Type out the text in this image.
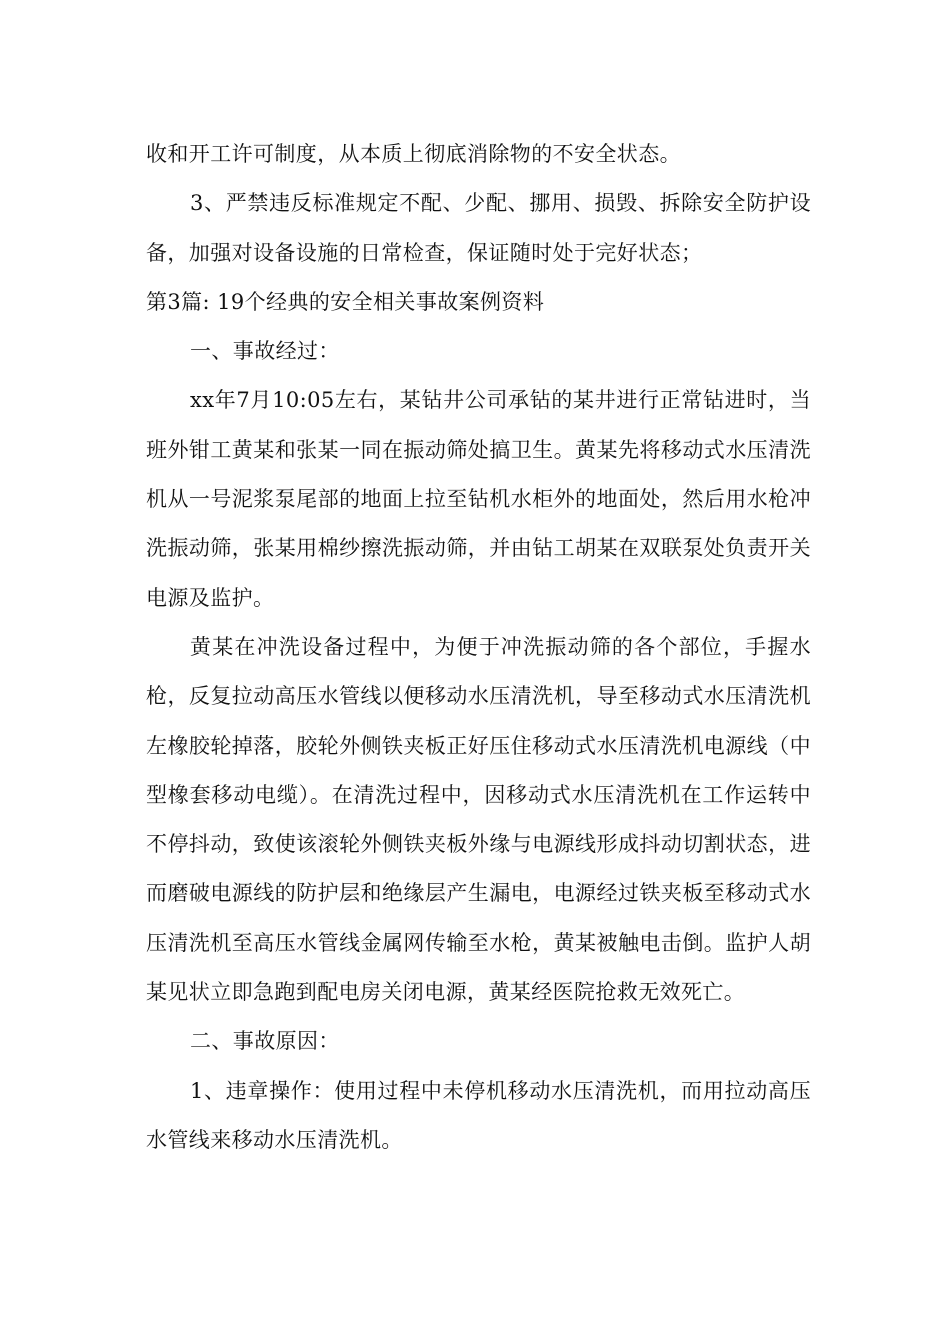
收和开工许可制度，从本质上彻底消除物的不安全状态。

3、严禁违反标准规定不配、少配、挪用、损毁、拆除安全防护设备，加强对设备设施的日常检查，保证随时处于完好状态；

第3篇: 19个经典的安全相关事故案例资料

一、事故经过：

xx年7月10:05左右，某钻井公司承钻的某井进行正常钻进时，当班外钳工黄某和张某一同在振动筛处搞卫生。黄某先将移动式水压清洗机从一号泥浆泵尾部的地面上拉至钻机水柜外的地面处，然后用水枪冲洗振动筛，张某用棉纱擦洗振动筛，并由钻工胡某在双联泵处负责开关电源及监护。

黄某在冲洗设备过程中，为便于冲洗振动筛的各个部位，手握水枪，反复拉动高压水管线以便移动水压清洗机，导至移动式水压清洗机左橡胶轮掉落，胶轮外侧铁夹板正好压住移动式水压清洗机电源线（中型橡套移动电缆）。在清洗过程中，因移动式水压清洗机在工作运转中不停抖动，致使该滚轮外侧铁夹板外缘与电源线形成抖动切割状态，进而磨破电源线的防护层和绝缘层产生漏电，电源经过铁夹板至移动式水压清洗机至高压水管线金属网传输至水枪，黄某被触电击倒。监护人胡某见状立即急跑到配电房关闭电源，黄某经医院抢救无效死亡。

二、事故原因：

1、违章操作：使用过程中未停机移动水压清洗机，而用拉动高压水管线来移动水压清洗机。
